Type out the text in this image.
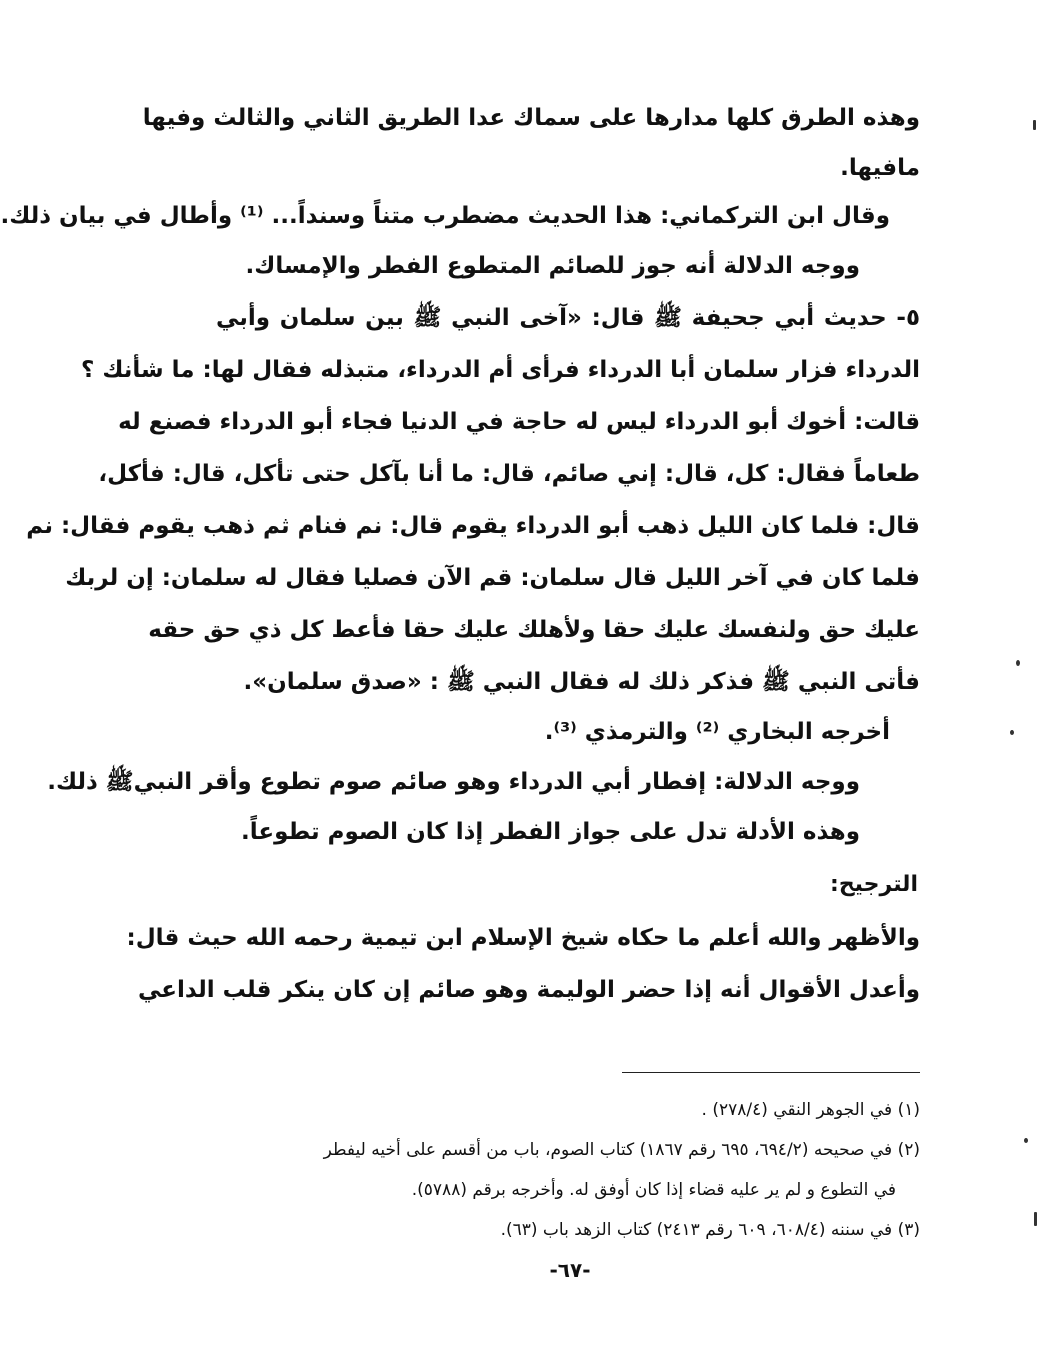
وهذه الطرق كلها مدارها على سماك عدا الطريق الثاني والثالث وفيها
مافيها.
وقال ابن التركماني: هذا الحديث مضطرب متناً وسنداً... ⁽¹⁾ وأطال في بيان ذلك.
ووجه الدلالة أنه جوز للصائم المتطوع الفطر والإمساك.
٥- حديث أبي جحيفة ﷺ قال: «آخى النبي ﷺ بين سلمان وأبي
الدرداء فزار سلمان أبا الدرداء فرأى أم الدرداء، متبذله فقال لها: ما شأنك ؟
قالت: أخوك أبو الدرداء ليس له حاجة في الدنيا فجاء أبو الدرداء فصنع له
طعاماً فقال: كل، قال: إني صائم، قال: ما أنا بآكل حتى تأكل، قال: فأكل،
قال: فلما كان الليل ذهب أبو الدرداء يقوم قال: نم فنام ثم ذهب يقوم فقال: نم
فلما كان في آخر الليل قال سلمان: قم الآن فصليا فقال له سلمان: إن لربك
عليك حق ولنفسك عليك حقا ولأهلك عليك حقا فأعط كل ذي حق حقه
فأتى النبي ﷺ فذكر ذلك له فقال النبي ﷺ : «صدق سلمان».
أخرجه البخاري ⁽²⁾ والترمذي ⁽³⁾.
ووجه الدلالة: إفطار أبي الدرداء وهو صائم صوم تطوع وأقر النبيﷺ ذلك.
وهذه الأدلة تدل على جواز الفطر إذا كان الصوم تطوعاً.
الترجيح:
والأظهر والله أعلم ما حكاه شيخ الإسلام ابن تيمية رحمه الله حيث قال:
وأعدل الأقوال أنه إذا حضر الوليمة وهو صائم إن كان ينكر قلب الداعي
(١) في الجوهر النقي (٢٧٨/٤) .
(٢) في صحيحه (٦٩٤/٢، ٦٩٥ رقم ١٨٦٧) كتاب الصوم، باب من أقسم على أخيه ليفطر
في التطوع و لم ير عليه قضاء إذا كان أوفق له. وأخرجه برقم (٥٧٨٨).
(٣) في سننه (٦٠٨/٤، ٦٠٩ رقم ٢٤١٣) كتاب الزهد باب (٦٣).
-٦٧-
